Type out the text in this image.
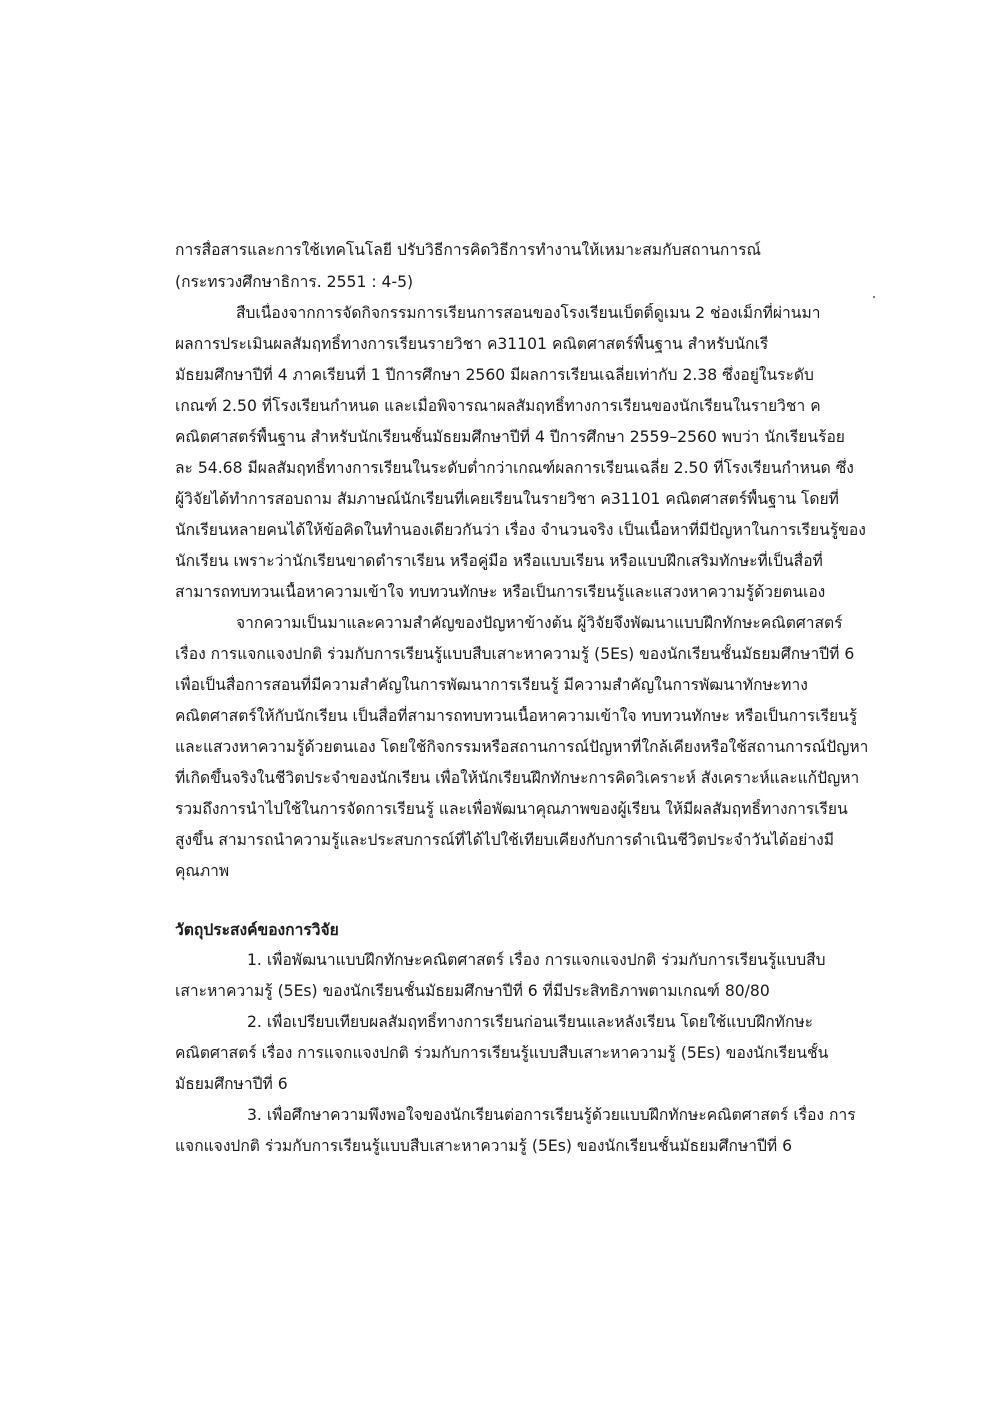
การสื่อสารและการใช้เทคโนโลยี ปรับวิธีการคิดวิธีการทำงานให้เหมาะสมกับสถานการณ์
(กระทรวงศึกษาธิการ. 2551 : 4-5)
สืบเนื่องจากการจัดกิจกรรมการเรียนการสอนของโรงเรียนเบ็ตติ้ดูเมน 2 ช่องเม็กที่ผ่านมา
ผลการประเมินผลสัมฤทธิ์ทางการเรียนรายวิชา ค31101 คณิตศาสตร์พื้นฐาน สำหรับนักเรี
มัธยมศึกษาปีที่ 4 ภาคเรียนที่ 1 ปีการศึกษา 2560 มีผลการเรียนเฉลี่ยเท่ากับ 2.38 ซึ่งอยู่ในระดับ
เกณฑ์ 2.50 ที่โรงเรียนกำหนด และเมื่อพิจารณาผลสัมฤทธิ์ทางการเรียนของนักเรียนในรายวิชา ค
คณิตศาสตร์พื้นฐาน สำหรับนักเรียนชั้นมัธยมศึกษาปีที่ 4 ปีการศึกษา 2559–2560 พบว่า นักเรียนร้อย
ละ 54.68 มีผลสัมฤทธิ์ทางการเรียนในระดับต่ำกว่าเกณฑ์ผลการเรียนเฉลี่ย 2.50 ที่โรงเรียนกำหนด ซึ่ง
ผู้วิจัยได้ทำการสอบถาม สัมภาษณ์นักเรียนที่เคยเรียนในรายวิชา ค31101 คณิตศาสตร์พื้นฐาน โดยที่
นักเรียนหลายคนได้ให้ข้อคิดในทำนองเดียวกันว่า เรื่อง จำนวนจริง เป็นเนื้อหาที่มีปัญหาในการเรียนรู้ของ
นักเรียน เพราะว่านักเรียนขาดตำราเรียน หรือคู่มือ หรือแบบเรียน หรือแบบฝึกเสริมทักษะที่เป็นสื่อที่
สามารถทบทวนเนื้อหาความเข้าใจ ทบทวนทักษะ หรือเป็นการเรียนรู้และแสวงหาความรู้ด้วยตนเอง
จากความเป็นมาและความสำคัญของปัญหาข้างต้น ผู้วิจัยจึงพัฒนาแบบฝึกทักษะคณิตศาสตร์
เรื่อง การแจกแจงปกติ ร่วมกับการเรียนรู้แบบสืบเสาะหาความรู้ (5Es) ของนักเรียนชั้นมัธยมศึกษาปีที่ 6
เพื่อเป็นสื่อการสอนที่มีความสำคัญในการพัฒนาการเรียนรู้ มีความสำคัญในการพัฒนาทักษะทาง
คณิตศาสตร์ให้กับนักเรียน เป็นสื่อที่สามารถทบทวนเนื้อหาความเข้าใจ ทบทวนทักษะ หรือเป็นการเรียนรู้
และแสวงหาความรู้ด้วยตนเอง โดยใช้กิจกรรมหรือสถานการณ์ปัญหาที่ใกล้เคียงหรือใช้สถานการณ์ปัญหา
ที่เกิดขึ้นจริงในชีวิตประจำของนักเรียน เพื่อให้นักเรียนฝึกทักษะการคิดวิเคราะห์ สังเคราะห์และแก้ปัญหา
รวมถึงการนำไปใช้ในการจัดการเรียนรู้ และเพื่อพัฒนาคุณภาพของผู้เรียน ให้มีผลสัมฤทธิ์ทางการเรียน
สูงขึ้น สามารถนำความรู้และประสบการณ์ที่ได้ไปใช้เทียบเคียงกับการดำเนินชีวิตประจำวันได้อย่างมี
คุณภาพ
วัตถุประสงค์ของการวิจัย
1. เพื่อพัฒนาแบบฝึกทักษะคณิตศาสตร์ เรื่อง การแจกแจงปกติ ร่วมกับการเรียนรู้แบบสืบ
เสาะหาความรู้ (5Es) ของนักเรียนชั้นมัธยมศึกษาปีที่ 6 ที่มีประสิทธิภาพตามเกณฑ์ 80/80
2. เพื่อเปรียบเทียบผลสัมฤทธิ์ทางการเรียนก่อนเรียนและหลังเรียน โดยใช้แบบฝึกทักษะ
คณิตศาสตร์ เรื่อง การแจกแจงปกติ ร่วมกับการเรียนรู้แบบสืบเสาะหาความรู้ (5Es) ของนักเรียนชั้น
มัธยมศึกษาปีที่ 6
3. เพื่อศึกษาความพึงพอใจของนักเรียนต่อการเรียนรู้ด้วยแบบฝึกทักษะคณิตศาสตร์ เรื่อง การ
แจกแจงปกติ ร่วมกับการเรียนรู้แบบสืบเสาะหาความรู้ (5Es) ของนักเรียนชั้นมัธยมศึกษาปีที่ 6
